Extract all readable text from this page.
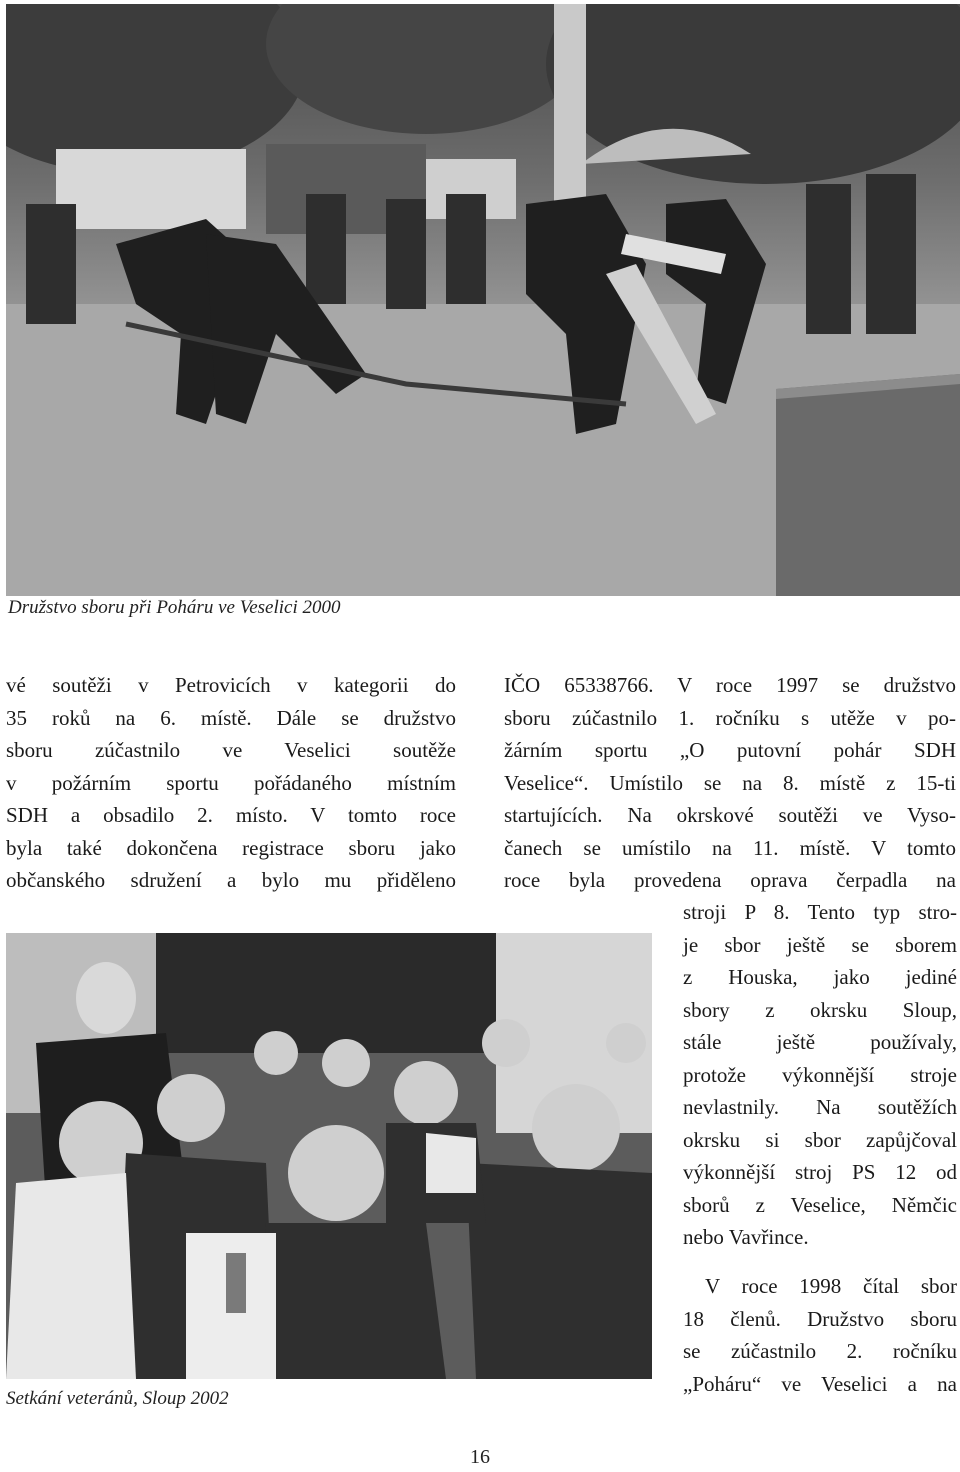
Družstvo sboru při Poháru ve Veselici 2000
vé soutěži v Petrovicích v kategorii do
35 roků na 6. místě. Dále se družstvo
sboru zúčastnilo ve Veselici soutěže
v požárním sportu pořádaného místním
SDH a obsadilo 2. místo. V tomto roce
byla také dokončena registrace sboru jako
občanského sdružení a bylo mu přiděleno
Setkání veteránů, Sloup 2002
IČO 65338766. V roce 1997 se družstvo
sboru zúčastnilo 1. ročníku s utěže v po-
žárním sportu „O putovní pohár SDH
Veselice“. Umístilo se na 8. místě z 15-ti
startujících. Na okrskové soutěži ve Vyso-
čanech se umístilo na 11. místě. V tomto
roce byla provedena oprava čerpadla na
stroji P 8. Tento typ stro-
je sbor ještě se sborem
z Houska, jako jediné
sbory z okrsku Sloup,
stále ještě používaly,
protože výkonnější stroje
nevlastnily. Na soutěžích
okrsku si sbor zapůjčoval
výkonnější stroj PS 12 od
sborů z Veselice, Němčic
nebo Vavřince.
V roce 1998 čítal sbor
18 členů. Družstvo sboru
se zúčastnilo 2. ročníku
„Poháru“ ve Veselici a na
16
